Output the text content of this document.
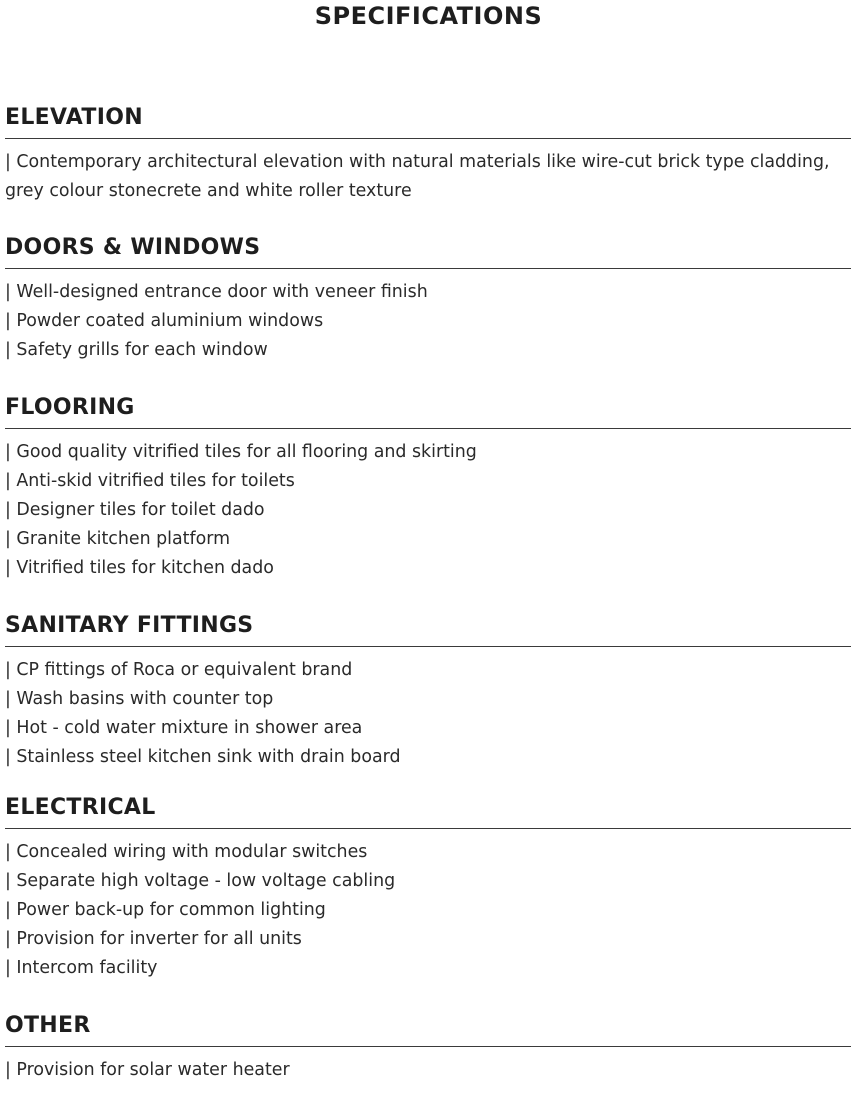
SPECIFICATIONS
ELEVATION
| Contemporary architectural elevation with natural materials like wire-cut brick type cladding, grey colour stonecrete and white roller texture
DOORS & WINDOWS
| Well-designed entrance door with veneer finish
| Powder coated aluminium windows
| Safety grills for each window
FLOORING
| Good quality vitrified tiles for all flooring and skirting
| Anti-skid vitrified tiles for toilets
| Designer tiles for toilet dado
| Granite kitchen platform
| Vitrified tiles for kitchen dado
SANITARY FITTINGS
| CP fittings of Roca or equivalent brand
| Wash basins with counter top
| Hot - cold water mixture in shower area
| Stainless steel kitchen sink with drain board
ELECTRICAL
| Concealed wiring with modular switches
| Separate high voltage - low voltage cabling
| Power back-up for common lighting
| Provision for inverter for all units
| Intercom facility
OTHER
| Provision for solar water heater
